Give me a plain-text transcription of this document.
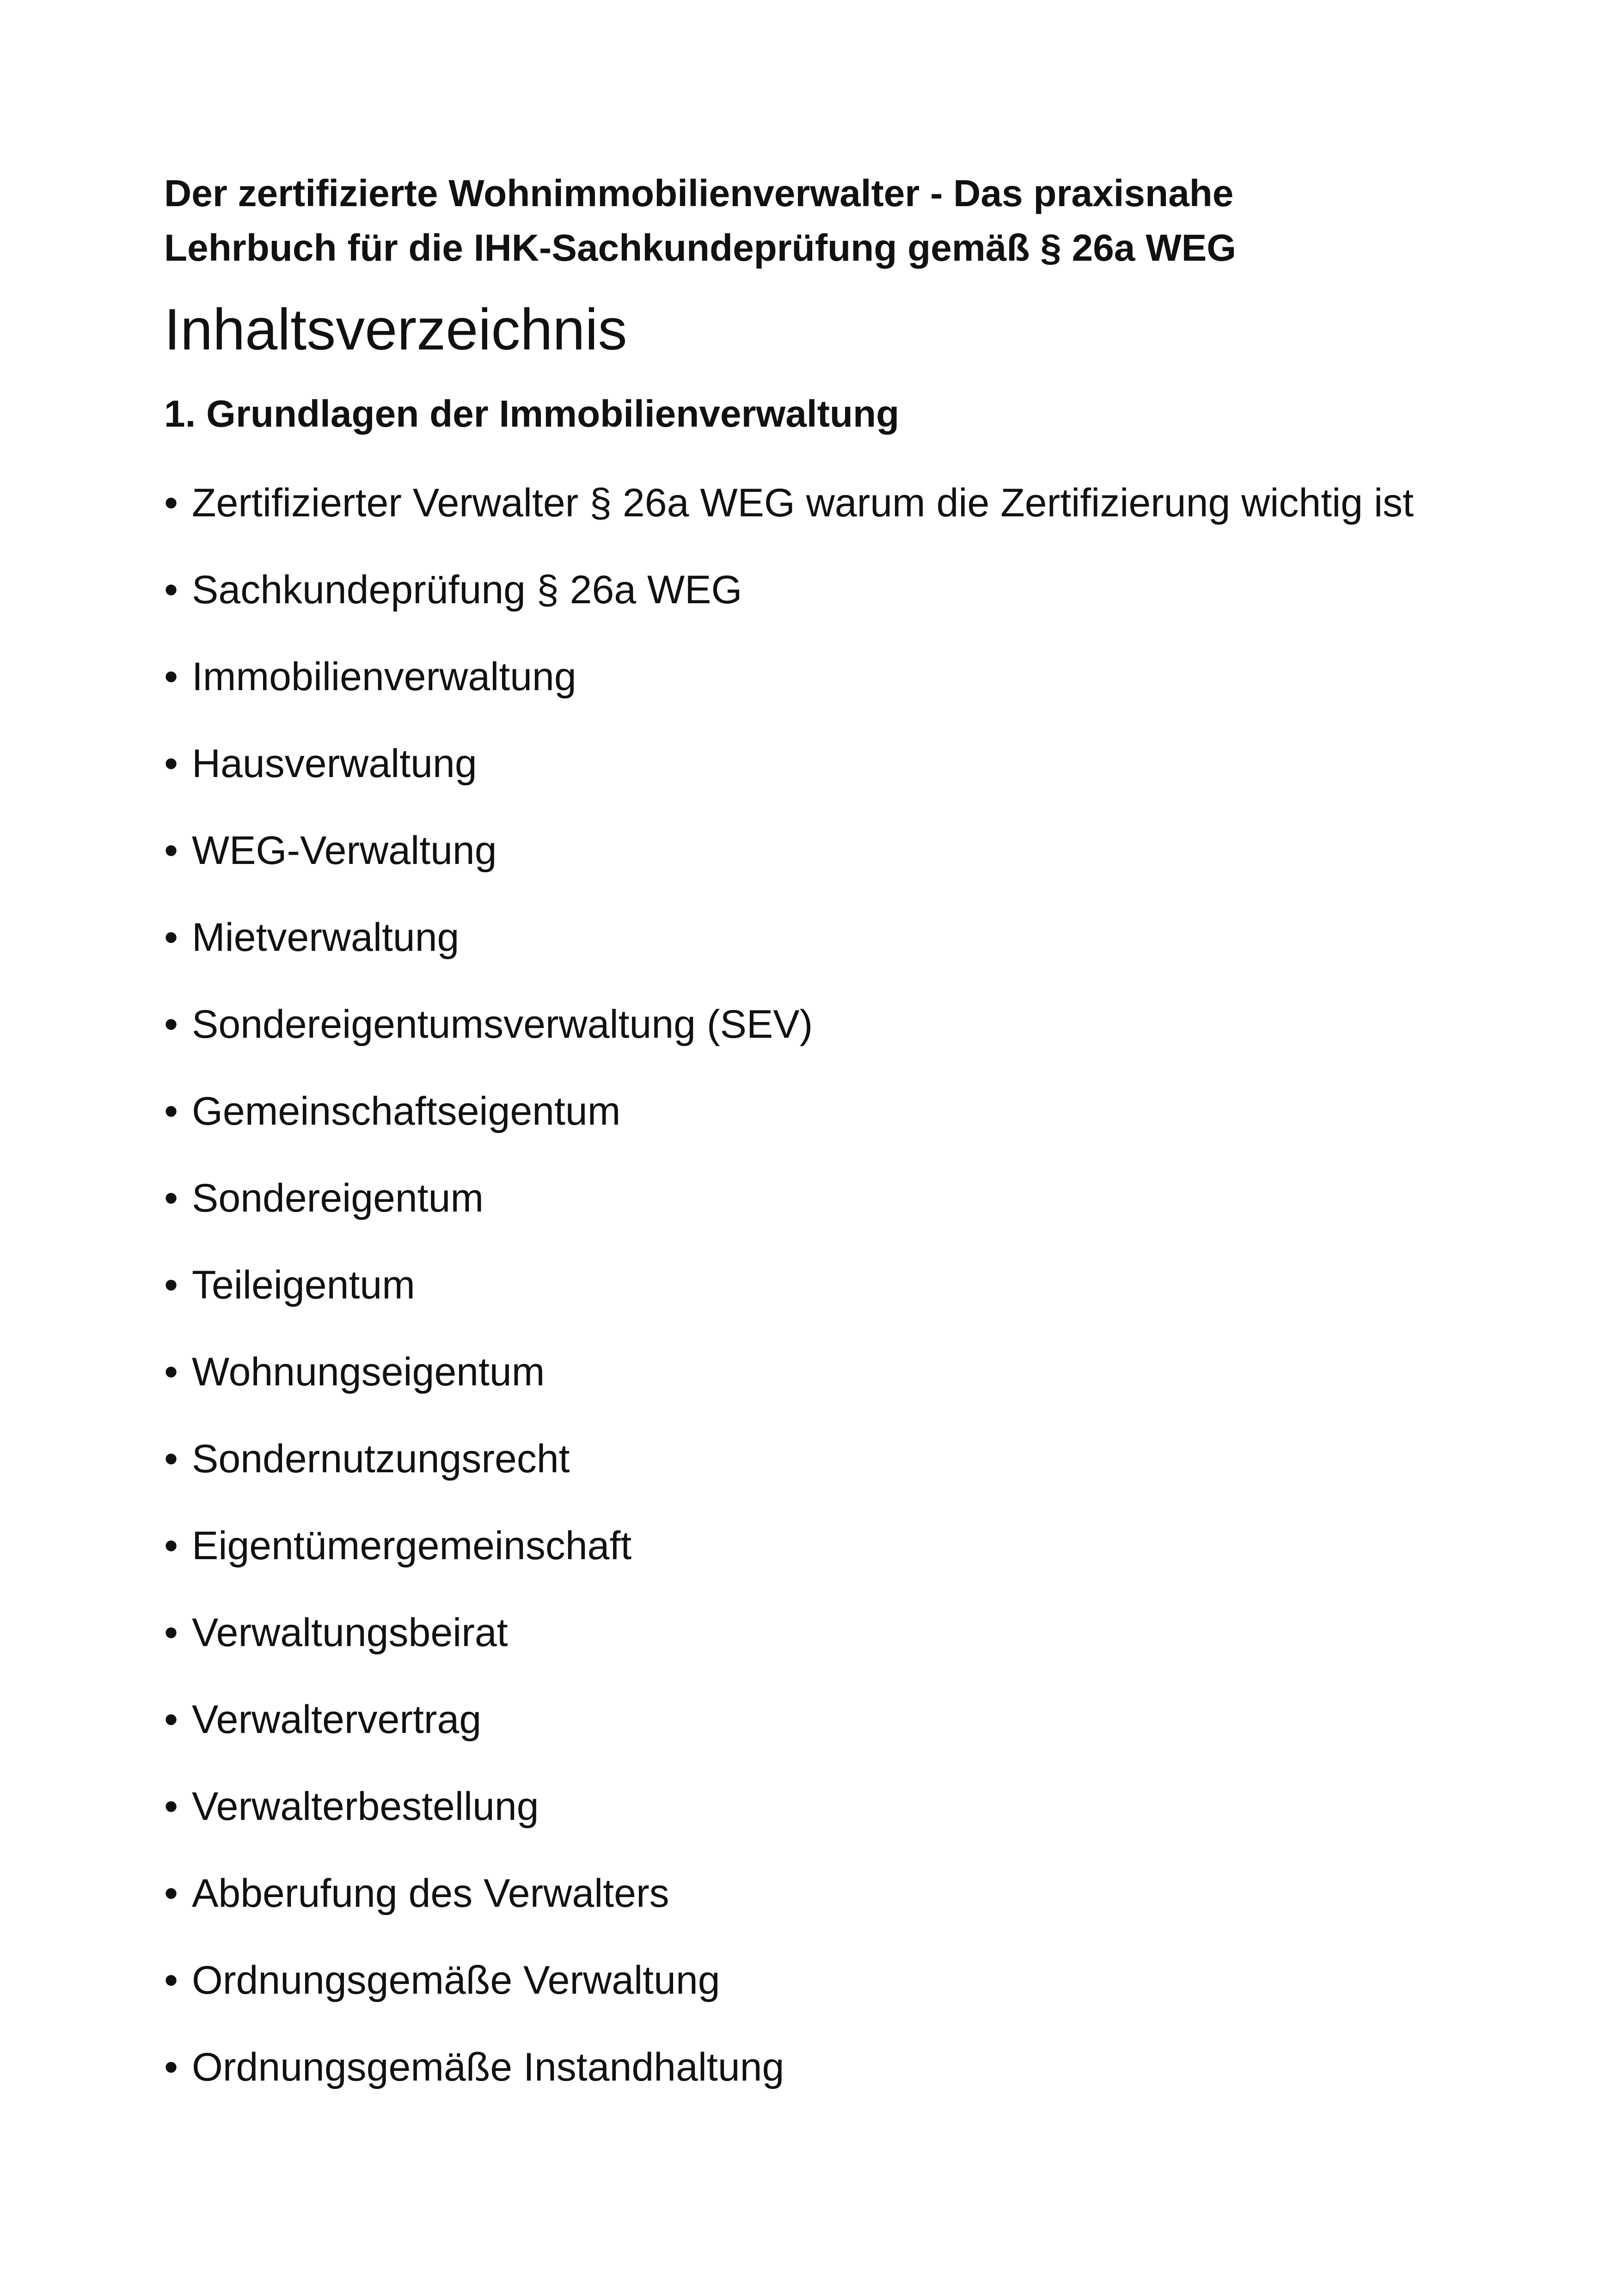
Der zertifizierte Wohnimmobilienverwalter - Das praxisnahe
Lehrbuch für die IHK-Sachkundeprüfung gemäß § 26a WEG
Inhaltsverzeichnis
1. Grundlagen der Immobilienverwaltung
• Zertifizierter Verwalter § 26a WEG warum die Zertifizierung wichtig ist
• Sachkundeprüfung § 26a WEG
• Immobilienverwaltung
• Hausverwaltung
• WEG-Verwaltung
• Mietverwaltung
• Sondereigentumsverwaltung (SEV)
• Gemeinschaftseigentum
• Sondereigentum
• Teileigentum
• Wohnungseigentum
• Sondernutzungsrecht
• Eigentümergemeinschaft
• Verwaltungsbeirat
• Verwaltervertrag
• Verwalterbestellung
• Abberufung des Verwalters
• Ordnungsgemäße Verwaltung
• Ordnungsgemäße Instandhaltung
